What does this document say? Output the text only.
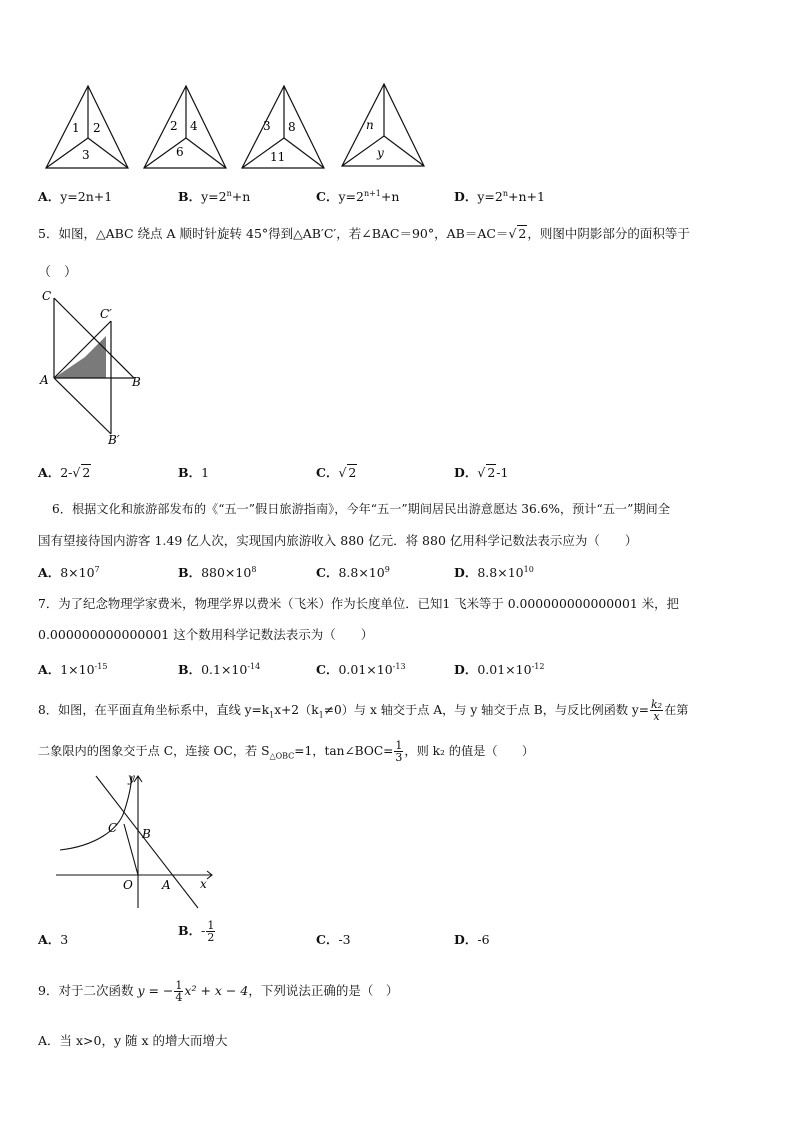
1 2
3
2 4
6
3 8
11
n
y
A．y=2n+1	B．$y=2^n+n$	C．$y=2^{n+1}+n$	D．$y=2^n+n+1$
5．如图，△ABC 绕点 A 顺时针旋转 45°得到△AB′C′，若∠BAC＝90°，AB＝AC＝√ 2，则图中阴影部分的面积等于
（　）
C
C′
A	B
B′
A．2-√ 2	B．1	C．√ 2	D．√ 2-1
6．根据文化和旅游部发布的《“五一”假日旅游指南》，今年“五一”期间居民出游意愿达 36.6%，预计“五一”期间全
国有望接待国内游客 1.49 亿人次，实现国内旅游收入 880 亿元．将 880 亿用科学记数法表示应为（　　）
A．$8\times 10^7$	B．$880\times 10^8$	C．$8.8\times 10^9$	D．$8.8\times 10^{10}$
7．为了纪念物理学家费米，物理学界以费米（飞米）作为长度单位．已知1 飞米等于 0.000000000000001 米，把
0.000000000000001 这个数用科学记数法表示为（　　）
A．$1\times 10^{-15}$	B．$0.1\times 10^{-14}$	C．$0.01\times 10^{-13}$	D．$0.01\times 10^{-12}$
8．如图，在平面直角坐标系中，直线 $y=k_1x+2(k_1\ne 0)$与 x 轴交于点 A，与 y 轴交于点 B，与反比例函数 $y= \frac{\text{k₂}}{x}$ 在第
二象限内的图象交于点 C，连接 OC，若 $S_{\triangle OBC}=1$，tan∠BOC= $\frac{1}{3}$ ，则 k₂ 的值是（　　）
y
x
C B
O A
A．3
B．- $\frac{1}{2}$	C．-3	D．-6
9．对于二次函数 y = − $\frac{1}{4} x^2 + x - 4$，下列说法正确的是（　）
A．当 x>0，y 随 x 的增大而增大
